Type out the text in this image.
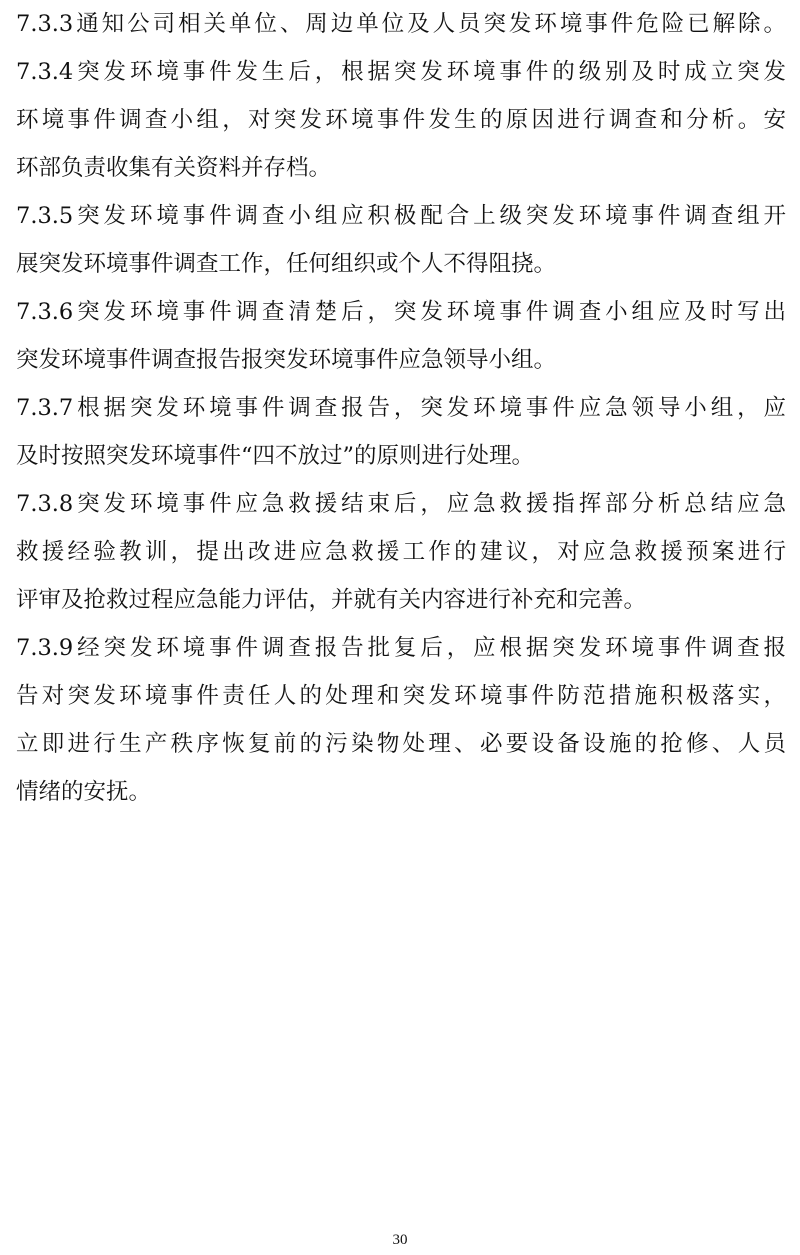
7.3.3通知公司相关单位、周边单位及人员突发环境事件危险已解除。
7.3.4突发环境事件发生后，根据突发环境事件的级别及时成立突发
环境事件调查小组，对突发环境事件发生的原因进行调查和分析。安
环部负责收集有关资料并存档。
7.3.5突发环境事件调查小组应积极配合上级突发环境事件调查组开
展突发环境事件调查工作，任何组织或个人不得阻挠。
7.3.6突发环境事件调查清楚后，突发环境事件调查小组应及时写出
突发环境事件调查报告报突发环境事件应急领导小组。
7.3.7根据突发环境事件调查报告，突发环境事件应急领导小组，应
及时按照突发环境事件“四不放过”的原则进行处理。
7.3.8突发环境事件应急救援结束后，应急救援指挥部分析总结应急
救援经验教训，提出改进应急救援工作的建议，对应急救援预案进行
评审及抢救过程应急能力评估，并就有关内容进行补充和完善。
7.3.9经突发环境事件调查报告批复后，应根据突发环境事件调查报
告对突发环境事件责任人的处理和突发环境事件防范措施积极落实，
立即进行生产秩序恢复前的污染物处理、必要设备设施的抢修、人员
情绪的安抚。
30
